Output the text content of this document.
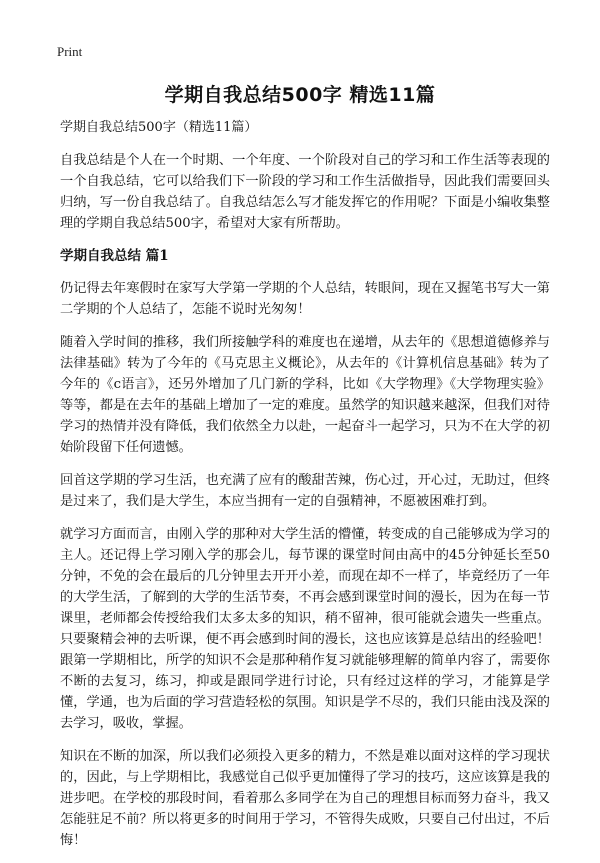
Print
学期自我总结500字 精选11篇
学期自我总结500字（精选11篇）

自我总结是个人在一个时期、一个年度、一个阶段对自己的学习和工作生活等表现的一个自我总结，它可以给我们下一阶段的学习和工作生活做指导，因此我们需要回头归纳，写一份自我总结了。自我总结怎么写才能发挥它的作用呢？下面是小编收集整理的学期自我总结500字，希望对大家有所帮助。

学期自我总结 篇1

仍记得去年寒假时在家写大学第一学期的个人总结，转眼间，现在又握笔书写大一第二学期的个人总结了，怎能不说时光匆匆！

随着入学时间的推移，我们所接触学科的难度也在递增，从去年的《思想道德修养与法律基础》转为了今年的《马克思主义概论》，从去年的《计算机信息基础》转为了今年的《c语言》，还另外增加了几门新的学科，比如《大学物理》《大学物理实验》等等，都是在去年的基础上增加了一定的难度。虽然学的知识越来越深，但我们对待学习的热情并没有降低，我们依然全力以赴，一起奋斗一起学习，只为不在大学的初始阶段留下任何遗憾。

回首这学期的学习生活，也充满了应有的酸甜苦辣，伤心过，开心过，无助过，但终是过来了，我们是大学生，本应当拥有一定的自强精神，不愿被困难打到。

就学习方面而言，由刚入学的那种对大学生活的懵懂，转变成的自己能够成为学习的主人。还记得上学习刚入学的那会儿，每节课的课堂时间由高中的45分钟延长至50分钟，不免的会在最后的几分钟里去开开小差，而现在却不一样了，毕竟经历了一年的大学生活，了解到的大学的生活节奏，不再会感到课堂时间的漫长，因为在每一节课里，老师都会传授给我们太多太多的知识，稍不留神，很可能就会遗失一些重点。只要聚精会神的去听课，便不再会感到时间的漫长，这也应该算是总结出的经验吧！跟第一学期相比，所学的知识不会是那种稍作复习就能够理解的简单内容了，需要你不断的去复习，练习，抑或是跟同学进行讨论，只有经过这样的学习，才能算是学懂，学通，也为后面的学习营造轻松的氛围。知识是学不尽的，我们只能由浅及深的去学习，吸收，掌握。

知识在不断的加深，所以我们必须投入更多的精力，不然是难以面对这样的学习现状的，因此，与上学期相比，我感觉自己似乎更加懂得了学习的技巧，这应该算是我的进步吧。在学校的那段时间，看着那么多同学在为自己的理想目标而努力奋斗，我又怎能驻足不前？所以将更多的时间用于学习，不管得失成败，只要自己付出过，不后悔！
